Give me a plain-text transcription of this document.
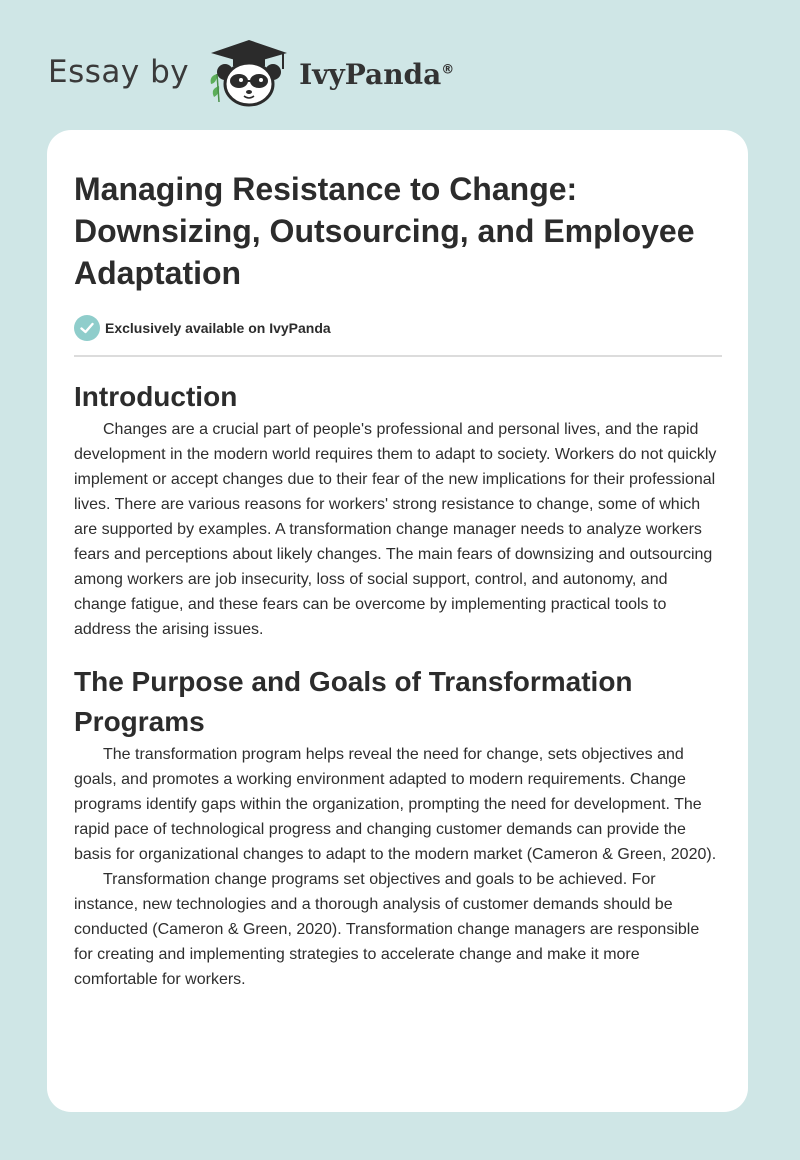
Essay by	IvyPanda®
Managing Resistance to Change: Downsizing, Outsourcing, and Employee Adaptation
Exclusively available on IvyPanda
Introduction

Changes are a crucial part of people's professional and personal lives, and the rapid development in the modern world requires them to adapt to society. Workers do not quickly implement or accept changes due to their fear of the new implications for their professional lives. There are various reasons for workers' strong resistance to change, some of which are supported by examples. A transformation change manager needs to analyze workers fears and perceptions about likely changes. The main fears of downsizing and outsourcing among workers are job insecurity, loss of social support, control, and autonomy, and change fatigue, and these fears can be overcome by implementing practical tools to address the arising issues.

The Purpose and Goals of Transformation Programs

The transformation program helps reveal the need for change, sets objectives and goals, and promotes a working environment adapted to modern requirements. Change programs identify gaps within the organization, prompting the need for development. The rapid pace of technological progress and changing customer demands can provide the basis for organizational changes to adapt to the modern market (Cameron & Green, 2020).

Transformation change programs set objectives and goals to be achieved. For instance, new technologies and a thorough analysis of customer demands should be conducted (Cameron & Green, 2020). Transformation change managers are responsible for creating and implementing strategies to accelerate change and make it more comfortable for workers.
